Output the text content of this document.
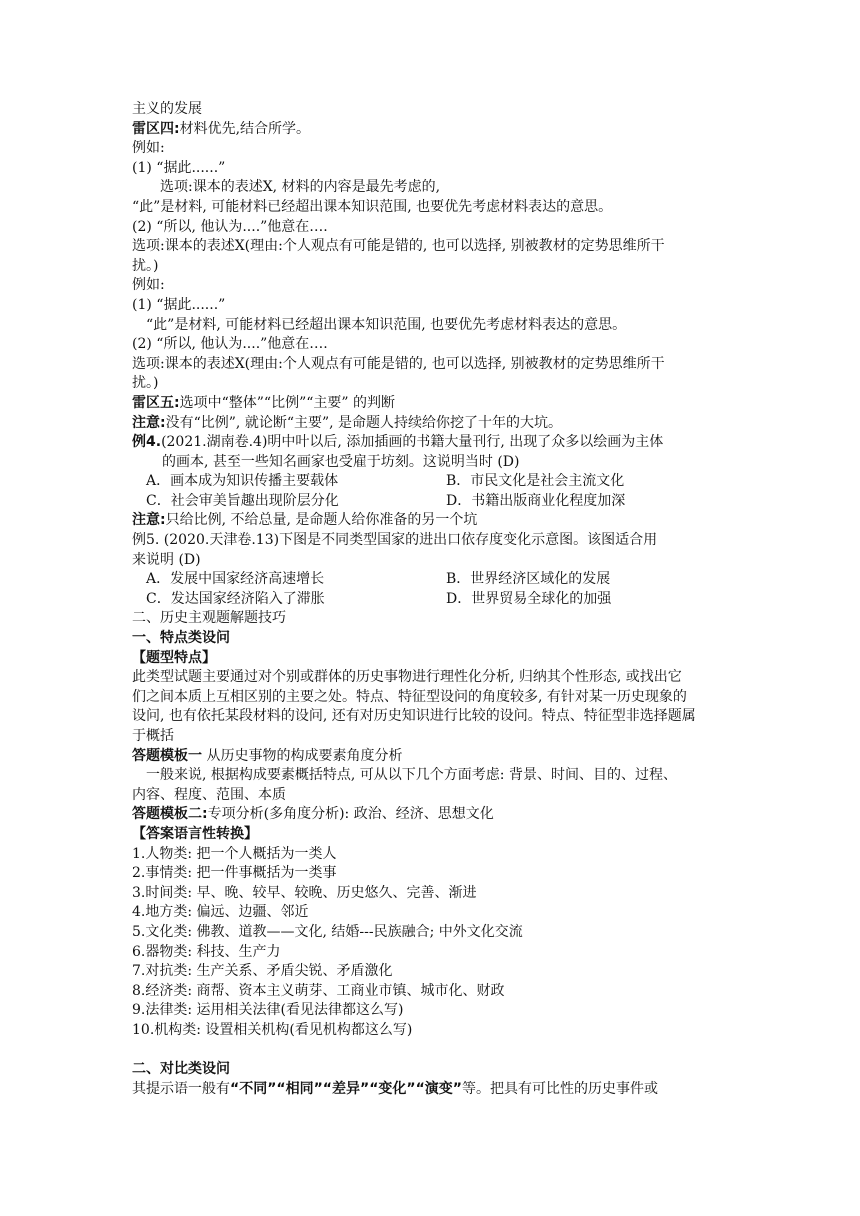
主义的发展
雷区四:材料优先,结合所学。
例如:
(1) “据此......”
选项:课本的表述X, 材料的内容是最先考虑的,
“此”是材料, 可能材料已经超出课本知识范围, 也要优先考虑材料表达的意思。
(2) “所以, 他认为....”他意在….
选项:课本的表述X(理由:个人观点有可能是错的, 也可以选择, 别被教材的定势思维所干
扰。)
例如:
(1) “据此......”
“此”是材料, 可能材料已经超出课本知识范围, 也要优先考虑材料表达的意思。
(2) “所以, 他认为....”他意在….
选项:课本的表述X(理由:个人观点有可能是错的, 也可以选择, 别被教材的定势思维所干
扰。)
雷区五:选项中“整体”“比例”“主要” 的判断
注意:没有“比例”, 就论断“主要”, 是命题人持续给你挖了十年的大坑。
例4.(2021.湖南卷.4)明中叶以后, 添加插画的书籍大量刊行, 出现了众多以绘画为主体
的画本, 甚至一些知名画家也受雇于坊刻。这说明当时 (D)
A．画本成为知识传播主要载体	B．市民文化是社会主流文化
C．社会审美旨趣出现阶层分化	D．书籍出版商业化程度加深
注意:只给比例, 不给总量, 是命题人给你准备的另一个坑
例5. (2020.天津卷.13)下图是不同类型国家的进出口依存度变化示意图。该图适合用
来说明 (D)
A．发展中国家经济高速增长	B．世界经济区域化的发展
C．发达国家经济陷入了滞胀	D．世界贸易全球化的加强
二、历史主观题解题技巧
一、特点类设问
【题型特点】
此类型试题主要通过对个别或群体的历史事物进行理性化分析, 归纳其个性形态, 或找出它
们之间本质上互相区别的主要之处。特点、特征型设问的角度较多, 有针对某一历史现象的
设问, 也有依托某段材料的设问, 还有对历史知识进行比较的设问。特点、特征型非选择题属
于概括
答题模板一 从历史事物的构成要素角度分析
一般来说, 根据构成要素概括特点, 可从以下几个方面考虑: 背景、时间、目的、过程、
内容、程度、范围、本质
答题模板二:专项分析(多角度分析): 政治、经济、思想文化
【答案语言性转换】
1.人物类: 把一个人概括为一类人
2.事情类: 把一件事概括为一类事
3.时间类: 早、晚、较早、较晚、历史悠久、完善、渐进
4.地方类: 偏远、边疆、邻近
5.文化类: 佛教、道教——文化, 结婚---民族融合; 中外文化交流
6.器物类: 科技、生产力
7.对抗类: 生产关系、矛盾尖锐、矛盾激化
8.经济类: 商帮、资本主义萌芽、工商业市镇、城市化、财政
9.法律类: 运用相关法律(看见法律都这么写)
10.机构类: 设置相关机构(看见机构都这么写)
二、对比类设问
其提示语一般有“不同”“相同”“差异”“变化”“演变”等。把具有可比性的历史事件或
